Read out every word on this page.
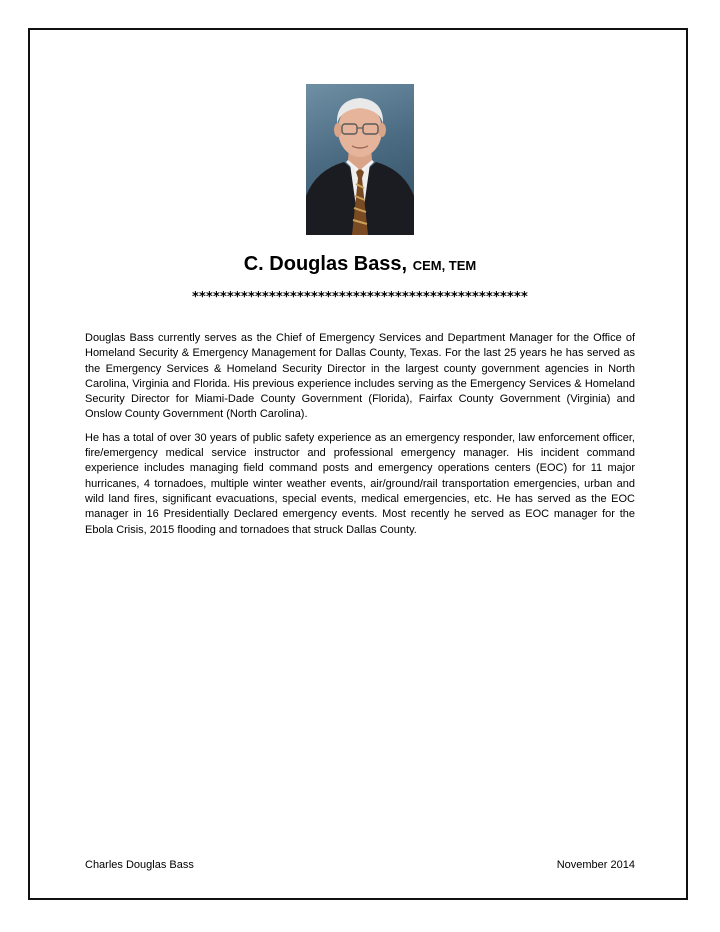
C. Douglas Bass, CEM, TEM
************************************************

Douglas Bass currently serves as the Chief of Emergency Services and Department Manager for the Office of Homeland Security & Emergency Management for Dallas County, Texas. For the last 25 years he has served as the Emergency Services & Homeland Security Director in the largest county government agencies in North Carolina, Virginia and Florida. His previous experience includes serving as the Emergency Services & Homeland Security Director for Miami-Dade County Government (Florida), Fairfax County Government (Virginia) and Onslow County Government (North Carolina).

He has a total of over 30 years of public safety experience as an emergency responder, law enforcement officer, fire/emergency medical service instructor and professional emergency manager. His incident command experience includes managing field command posts and emergency operations centers (EOC) for 11 major hurricanes, 4 tornadoes, multiple winter weather events, air/ground/rail transportation emergencies, urban and wild land fires, significant evacuations, special events, medical emergencies, etc. He has served as the EOC manager in 16 Presidentially Declared emergency events. Most recently he served as EOC manager for the Ebola Crisis, 2015 flooding and tornadoes that struck Dallas County.

Charles Douglas Bass	November 2014
